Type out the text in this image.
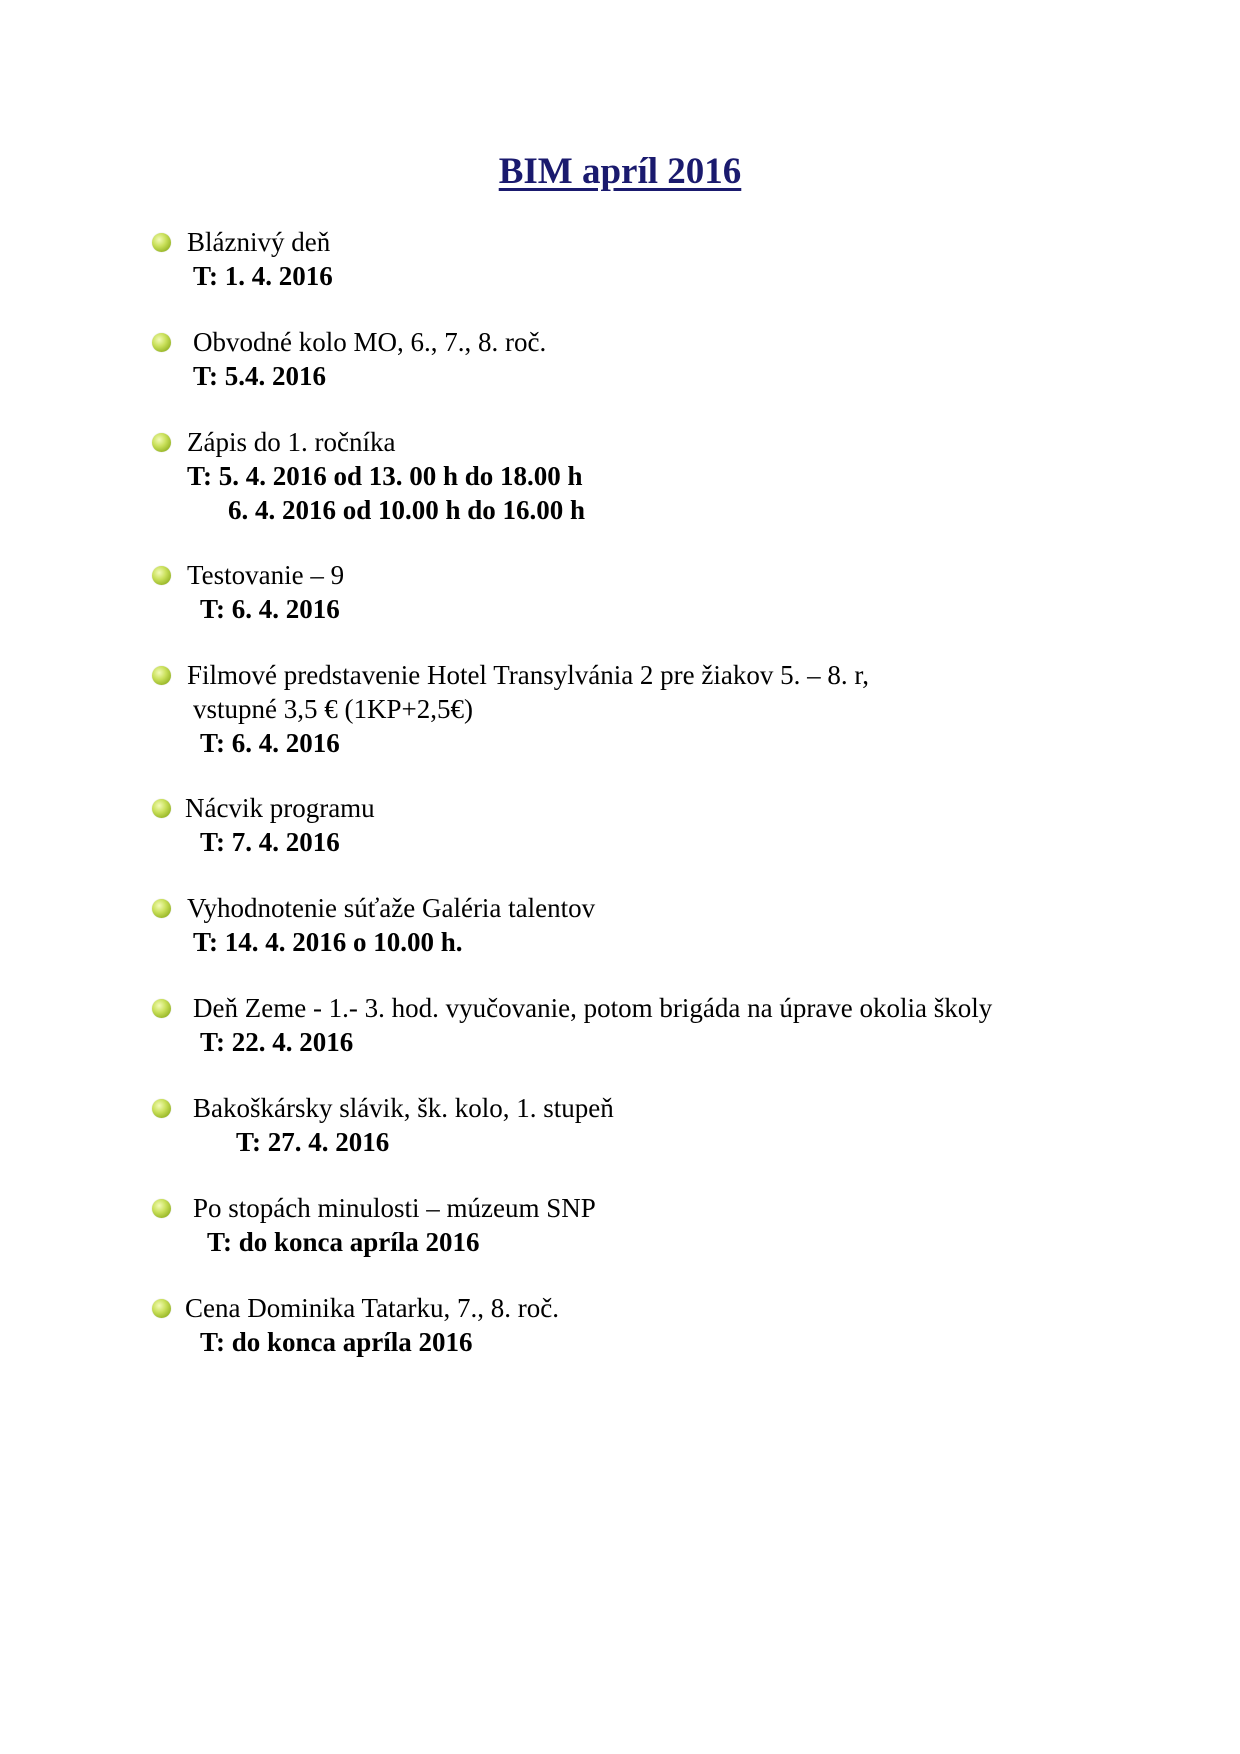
BIM apríl 2016
Bláznivý deň
T: 1. 4. 2016
Obvodné kolo MO, 6., 7., 8. roč.
T: 5.4. 2016
Zápis do 1. ročníka
T: 5. 4. 2016 od 13. 00 h do 18.00 h
6. 4. 2016 od 10.00 h do 16.00 h
Testovanie – 9
T: 6. 4. 2016
Filmové predstavenie Hotel Transylvánia 2 pre žiakov 5. – 8. r,
vstupné 3,5 € (1KP+2,5€)
T: 6. 4. 2016
Nácvik programu
T: 7. 4. 2016
Vyhodnotenie súťaže Galéria talentov
T: 14. 4. 2016 o 10.00 h.
Deň Zeme - 1.- 3. hod. vyučovanie, potom brigáda na úprave okolia školy
T: 22. 4. 2016
Bakoškársky slávik, šk. kolo, 1. stupeň
T: 27. 4. 2016
Po stopách minulosti – múzeum SNP
T: do konca apríla 2016
Cena Dominika Tatarku, 7., 8. roč.
T: do konca apríla 2016
